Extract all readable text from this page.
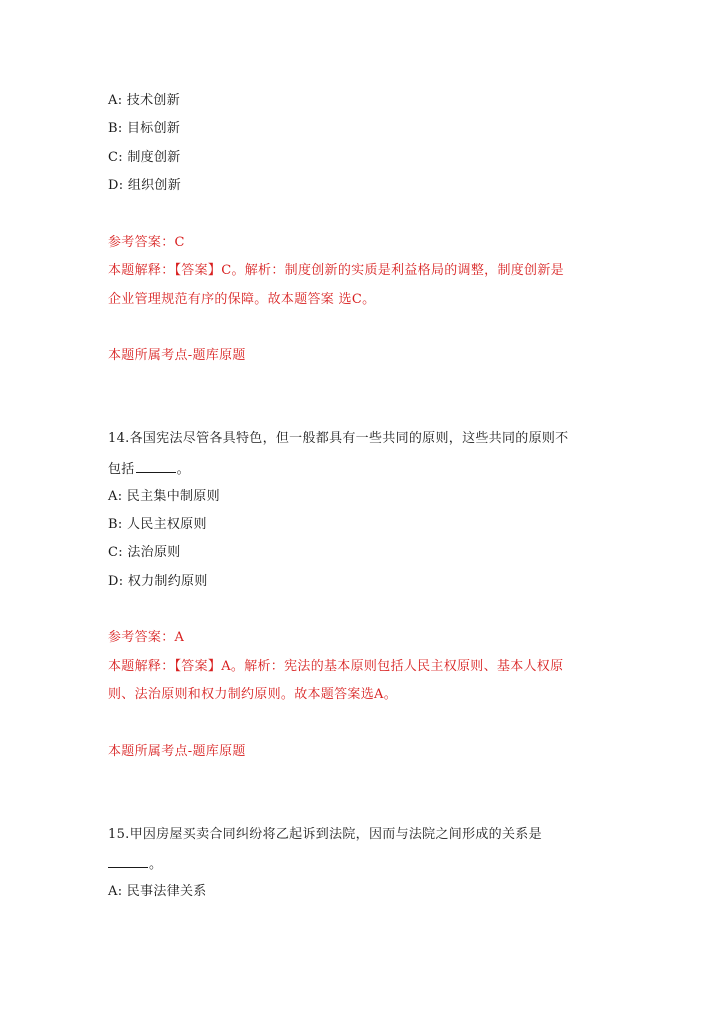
A: 技术创新
B: 目标创新
C: 制度创新
D: 组织创新
参考答案：C
本题解释：【答案】C。解析：制度创新的实质是利益格局的调整，制度创新是
企业管理规范有序的保障。故本题答案 选C。
本题所属考点-题库原题
14.各国宪法尽管各具特色，但一般都具有一些共同的原则，这些共同的原则不
包括	。
A: 民主集中制原则
B: 人民主权原则
C: 法治原则
D: 权力制约原则
参考答案：A
本题解释：【答案】A。解析：宪法的基本原则包括人民主权原则、基本人权原
则、法治原则和权力制约原则。故本题答案选A。
本题所属考点-题库原题
15.甲因房屋买卖合同纠纷将乙起诉到法院，因而与法院之间形成的关系是
。
A: 民事法律关系
